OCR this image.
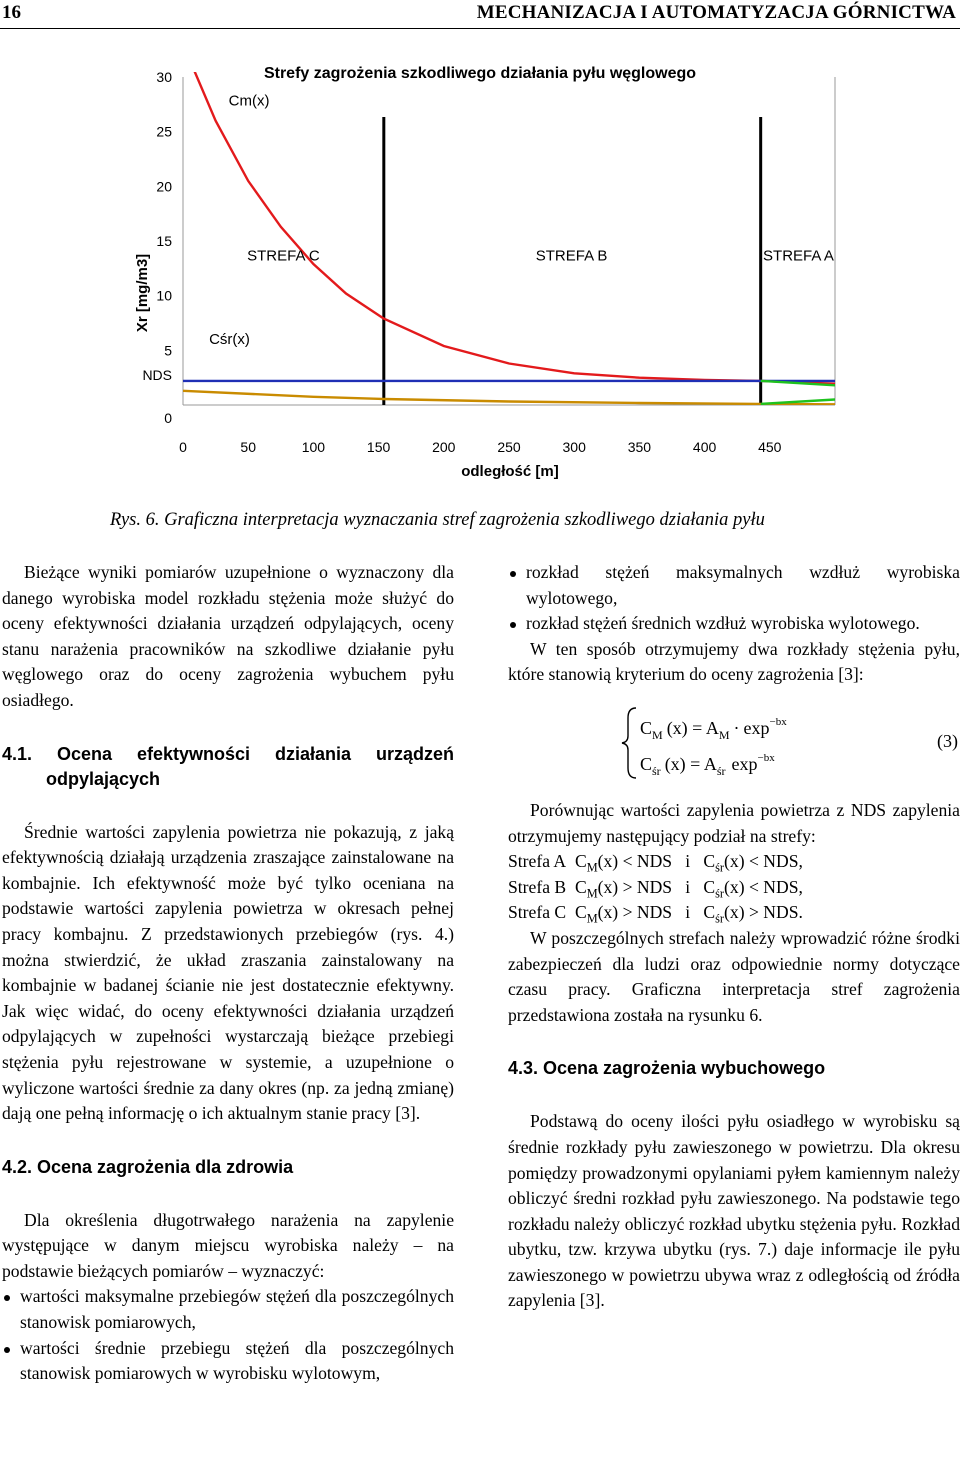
16	MECHANIZACJA I AUTOMATYZACJA GÓRNICTWA
Strefy zagrożenia szkodliwego działania pyłu węglowego
Xr [mg/m3]
odległość [m]
30
25
20
15
10
5
NDS
0
0	50	100	150	200	250	300	350	400	450
STREFA C	STREFA B	STREFA A
Cm(x)
Cśr(x)
Rys. 6. Graficzna interpretacja wyznaczania stref zagrożenia szkodliwego działania pyłu

Bieżące wyniki pomiarów uzupełnione o wyznaczony dla danego wyrobiska model rozkładu stężenia może służyć do oceny efektywności działania urządzeń odpylających, oceny stanu narażenia pracowników na szkodliwe działanie pyłu węglowego oraz do oceny zagrożenia wybuchem pyłu osiadłego.

4.1. Ocena efektywności działania urządzeń odpylających

Średnie wartości zapylenia powietrza nie pokazują, z jaką efektywnością działają urządzenia zraszające zainstalowane na kombajnie. Ich efektywność może być tylko oceniana na podstawie wartości zapylenia powietrza w okresach pełnej pracy kombajnu. Z przedstawionych przebiegów (rys. 4.) można stwierdzić, że układ zraszania zainstalowany na kombajnie w badanej ścianie nie jest dostatecznie efektywny. Jak więc widać, do oceny efektywności działania urządzeń odpylających w zupełności wystarczają bieżące przebiegi stężenia pyłu rejestrowane w systemie, a uzupełnione o wyliczone wartości średnie za dany okres (np. za jedną zmianę) dają one pełną informację o ich aktualnym stanie pracy [3].

4.2. Ocena zagrożenia dla zdrowia

Dla określenia długotrwałego narażenia na zapylenie występujące w danym miejscu wyrobiska należy – na podstawie bieżących pomiarów – wyznaczyć:

wartości maksymalne przebiegów stężeń dla poszczególnych stanowisk pomiarowych,
wartości średnie przebiegu stężeń dla poszczególnych stanowisk pomiarowych w wyrobisku wylotowym,
rozkład stężeń maksymalnych wzdłuż wyrobiska wylotowego,
rozkład stężeń średnich wzdłuż wyrobiska wylotowego.

W ten sposób otrzymujemy dwa rozkłady stężenia pyłu, które stanowią kryterium do oceny zagrożenia [3]:

$C_M$ $(x) = A_M \cdot \exp^{-bx}$
$C_{śr}$ $(x) = A_{śr}$ $\exp^{-bx}$
(3)

Porównując wartości zapylenia powietrza z NDS zapylenia otrzymujemy następujący podział na strefy:

Strefa A $C_M(x)$ < NDS i $C_{śr}(x)$ < NDS,
Strefa B $C_M(x)$ > NDS i $C_{śr}(x)$ < NDS,
Strefa C $C_M(x)$ > NDS i $C_{śr}(x)$ > NDS.

W poszczególnych strefach należy wprowadzić różne środki zabezpieczeń dla ludzi oraz odpowiednie normy dotyczące czasu pracy. Graficzna interpretacja stref zagrożenia przedstawiona została na rysunku 6.

4.3. Ocena zagrożenia wybuchowego

Podstawą do oceny ilości pyłu osiadłego w wyrobisku są średnie rozkłady pyłu zawieszonego w powietrzu. Dla okresu pomiędzy prowadzonymi opylaniami pyłem kamiennym należy obliczyć średni rozkład pyłu zawieszonego. Na podstawie tego rozkładu należy obliczyć rozkład ubytku stężenia pyłu. Rozkład ubytku, tzw. krzywa ubytku (rys. 7.) daje informacje ile pyłu zawieszonego w powietrzu ubywa wraz z odległością od źródła zapylenia [3].
